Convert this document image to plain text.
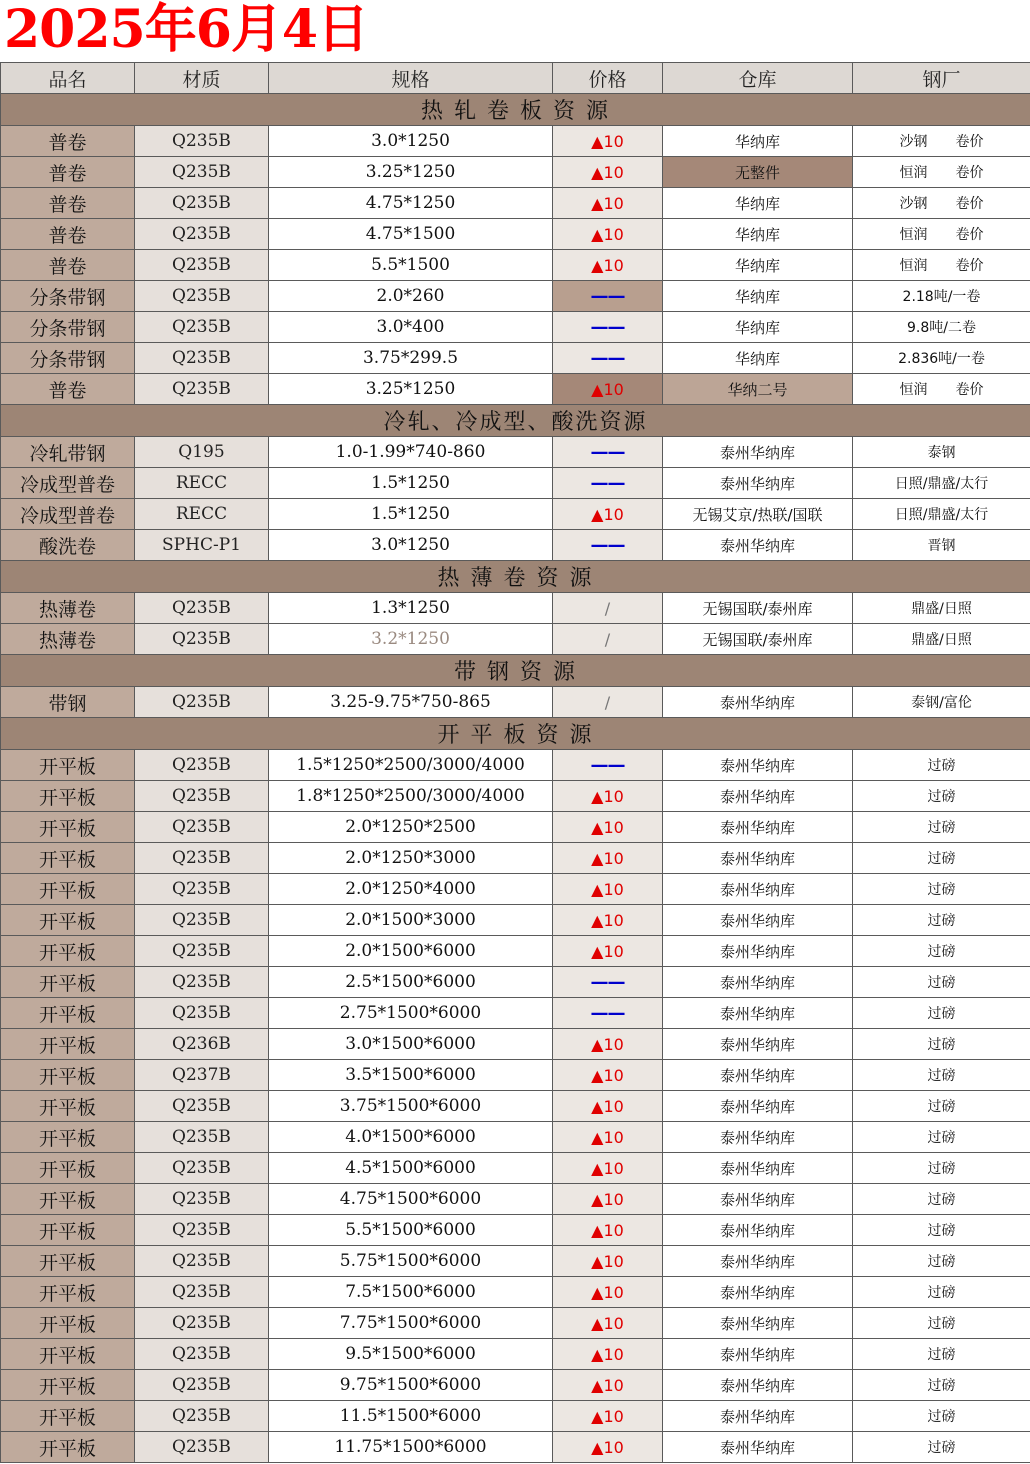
2025年6月4日
品名	材质	规格	价格	仓库	钢厂
热 轧 卷 板 资 源					
普卷	Q235B	3.0*1250	▲10	华纳库	沙钢　　卷价
普卷	Q235B	3.25*1250	▲10	无整件	恒润　　卷价
普卷	Q235B	4.75*1250	▲10	华纳库	沙钢　　卷价
普卷	Q235B	4.75*1500	▲10	华纳库	恒润　　卷价
普卷	Q235B	5.5*1500	▲10	华纳库	恒润　　卷价
分条带钢	Q235B	2.0*260	——	华纳库	2.18吨/一卷
分条带钢	Q235B	3.0*400	——	华纳库	9.8吨/二卷
分条带钢	Q235B	3.75*299.5	——	华纳库	2.836吨/一卷
普卷	Q235B	3.25*1250	▲10	华纳二号	恒润　　卷价
冷轧、冷成型、酸洗资源					
冷轧带钢	Q195	1.0-1.99*740-860	——	泰州华纳库	泰钢
冷成型普卷	RECC	1.5*1250	——	泰州华纳库	日照/鼎盛/太行
冷成型普卷	RECC	1.5*1250	▲10	无锡艾京/热联/国联	日照/鼎盛/太行
酸洗卷	SPHC-P1	3.0*1250	——	泰州华纳库	晋钢
热 薄 卷 资 源					
热薄卷	Q235B	1.3*1250	/	无锡国联/泰州库	鼎盛/日照
热薄卷	Q235B	3.2*1250	/	无锡国联/泰州库	鼎盛/日照
带 钢 资 源					
带钢	Q235B	3.25-9.75*750-865	/	泰州华纳库	泰钢/富伦
开 平 板 资 源					
开平板	Q235B	1.5*1250*2500/3000/4000	——	泰州华纳库	过磅
开平板	Q235B	1.8*1250*2500/3000/4000	▲10	泰州华纳库	过磅
开平板	Q235B	2.0*1250*2500	▲10	泰州华纳库	过磅
开平板	Q235B	2.0*1250*3000	▲10	泰州华纳库	过磅
开平板	Q235B	2.0*1250*4000	▲10	泰州华纳库	过磅
开平板	Q235B	2.0*1500*3000	▲10	泰州华纳库	过磅
开平板	Q235B	2.0*1500*6000	▲10	泰州华纳库	过磅
开平板	Q235B	2.5*1500*6000	——	泰州华纳库	过磅
开平板	Q235B	2.75*1500*6000	——	泰州华纳库	过磅
开平板	Q236B	3.0*1500*6000	▲10	泰州华纳库	过磅
开平板	Q237B	3.5*1500*6000	▲10	泰州华纳库	过磅
开平板	Q235B	3.75*1500*6000	▲10	泰州华纳库	过磅
开平板	Q235B	4.0*1500*6000	▲10	泰州华纳库	过磅
开平板	Q235B	4.5*1500*6000	▲10	泰州华纳库	过磅
开平板	Q235B	4.75*1500*6000	▲10	泰州华纳库	过磅
开平板	Q235B	5.5*1500*6000	▲10	泰州华纳库	过磅
开平板	Q235B	5.75*1500*6000	▲10	泰州华纳库	过磅
开平板	Q235B	7.5*1500*6000	▲10	泰州华纳库	过磅
开平板	Q235B	7.75*1500*6000	▲10	泰州华纳库	过磅
开平板	Q235B	9.5*1500*6000	▲10	泰州华纳库	过磅
开平板	Q235B	9.75*1500*6000	▲10	泰州华纳库	过磅
开平板	Q235B	11.5*1500*6000	▲10	泰州华纳库	过磅
开平板	Q235B	11.75*1500*6000	▲10	泰州华纳库	过磅
